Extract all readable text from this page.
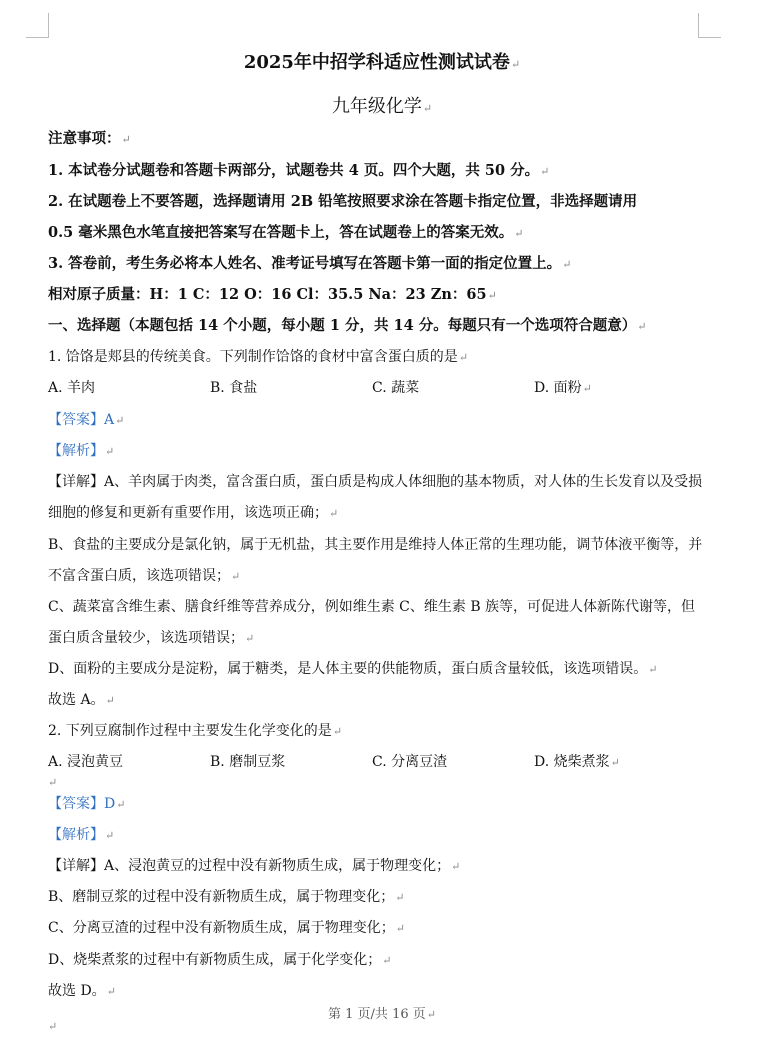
2025年中招学科适应性测试试卷↵
九年级化学↵
注意事项：↵
1. 本试卷分试题卷和答题卡两部分，试题卷共 4 页。四个大题，共 50 分。↵
2. 在试题卷上不要答题，选择题请用 2B 铅笔按照要求涂在答题卡指定位置，非选择题请用
0.5 毫米黑色水笔直接把答案写在答题卡上，答在试题卷上的答案无效。↵
3. 答卷前，考生务必将本人姓名、准考证号填写在答题卡第一面的指定位置上。↵
相对原子质量：H：1 C：12 O：16 Cl：35.5 Na：23 Zn：65↵
一、选择题（本题包括 14 个小题，每小题 1 分，共 14 分。每题只有一个选项符合题意）↵
1. 饸饹是郏县的传统美食。下列制作饸饹的食材中富含蛋白质的是↵
A. 羊肉	B. 食盐	C. 蔬菜	D. 面粉↵
【答案】A↵
【解析】↵
【详解】A、羊肉属于肉类，富含蛋白质，蛋白质是构成人体细胞的基本物质，对人体的生长发育以及受损
细胞的修复和更新有重要作用，该选项正确；↵
B、食盐的主要成分是氯化钠，属于无机盐，其主要作用是维持人体正常的生理功能，调节体液平衡等，并
不富含蛋白质，该选项错误；↵
C、蔬菜富含维生素、膳食纤维等营养成分，例如维生素 C、维生素 B 族等，可促进人体新陈代谢等，但
蛋白质含量较少，该选项错误；↵
D、面粉的主要成分是淀粉，属于糖类，是人体主要的供能物质，蛋白质含量较低，该选项错误。↵
故选 A。↵
2. 下列豆腐制作过程中主要发生化学变化的是↵
A. 浸泡黄豆	B. 磨制豆浆	C. 分离豆渣	D. 烧柴煮浆↵
↵
【答案】D↵
【解析】↵
【详解】A、浸泡黄豆的过程中没有新物质生成，属于物理变化；↵
B、磨制豆浆的过程中没有新物质生成，属于物理变化；↵
C、分离豆渣的过程中没有新物质生成，属于物理变化；↵
D、烧柴煮浆的过程中有新物质生成，属于化学变化；↵
故选 D。↵
第 1 页/共 16 页↵
↵
